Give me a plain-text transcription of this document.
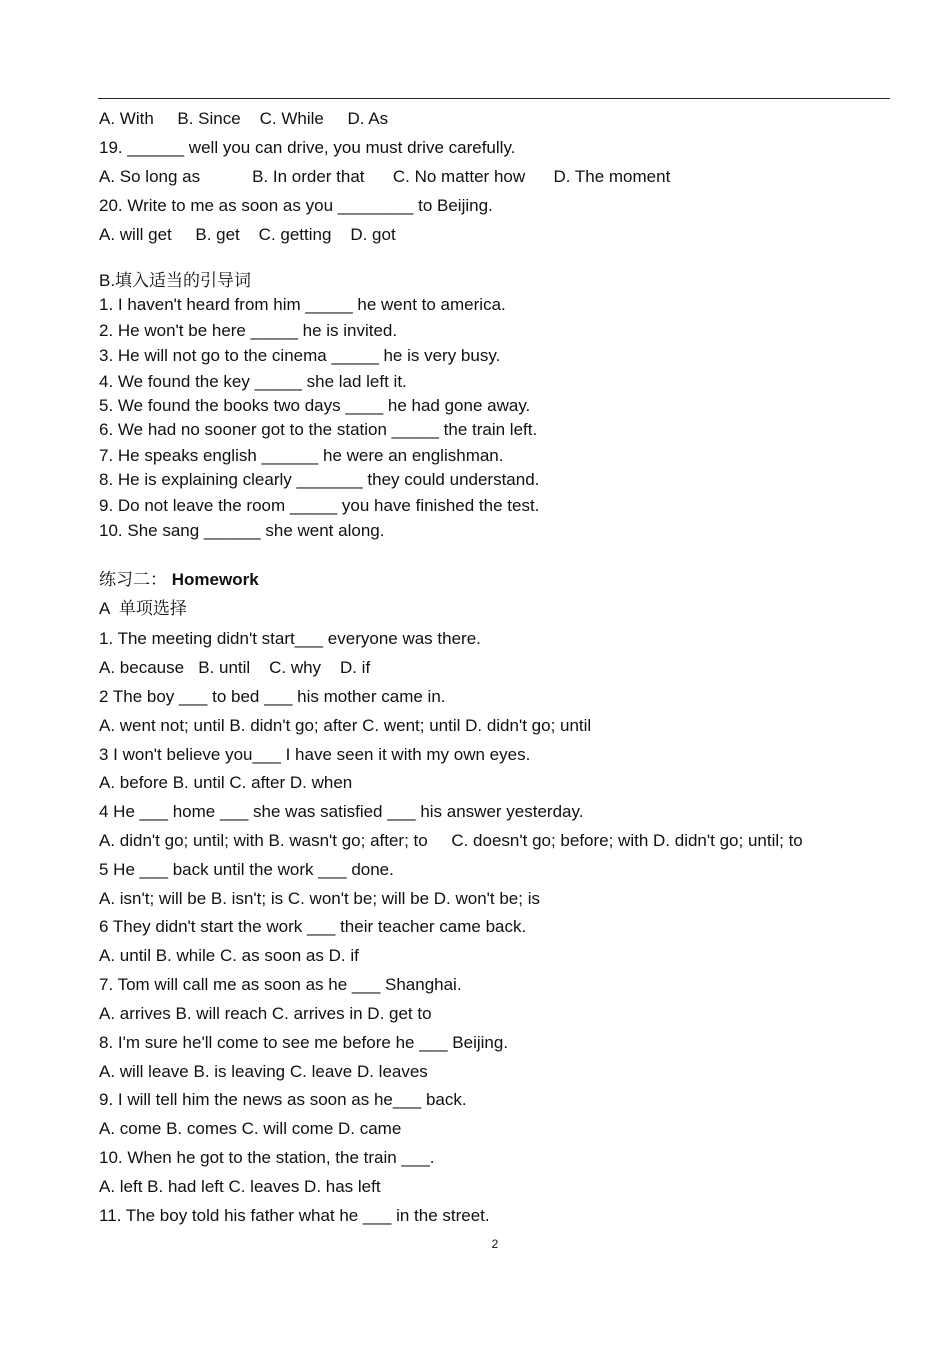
A. With     B. Since    C. While     D. As
19. ______ well you can drive, you must drive carefully.
A. So long as           B. In order that      C. No matter how      D. The moment
20. Write to me as soon as you ________ to Beijing.
A. will get     B. get    C. getting    D. got
B.填入适当的引导词
1. I haven't heard from him _____ he went to america.
2. He won't be here _____ he is invited.
3. He will not go to the cinema _____ he is very busy.
4. We found the key _____ she lad left it.
5. We found the books two days ____ he had gone away.
6. We had no sooner got to the station _____ the train left.
7. He speaks english ______ he were an englishman.
8. He is explaining clearly _______ they could understand.
9. Do not leave the room _____ you have finished the test.
10. She sang ______ she went along.
练习二： Homework
A  单项选择
1. The meeting didn't start___ everyone was there.
A. because   B. until    C. why    D. if
2 The boy ___ to bed ___ his mother came in.
A. went not; until B. didn't go; after C. went; until D. didn't go; until
3 I won't believe you___ I have seen it with my own eyes.
A. before B. until C. after D. when
4 He ___ home ___ she was satisfied ___ his answer yesterday.
A. didn't go; until; with B. wasn't go; after; to     C. doesn't go; before; with D. didn't go; until; to
5 He ___ back until the work ___ done.
A. isn't; will be B. isn't; is C. won't be; will be D. won't be; is
6 They didn't start the work ___ their teacher came back.
A. until B. while C. as soon as D. if
7. Tom will call me as soon as he ___ Shanghai.
A. arrives B. will reach C. arrives in D. get to
8. I'm sure he'll come to see me before he ___ Beijing.
A. will leave B. is leaving C. leave D. leaves
9. I will tell him the news as soon as he___ back.
A. come B. comes C. will come D. came
10. When he got to the station, the train ___.
A. left B. had left C. leaves D. has left
11. The boy told his father what he ___ in the street.
2
